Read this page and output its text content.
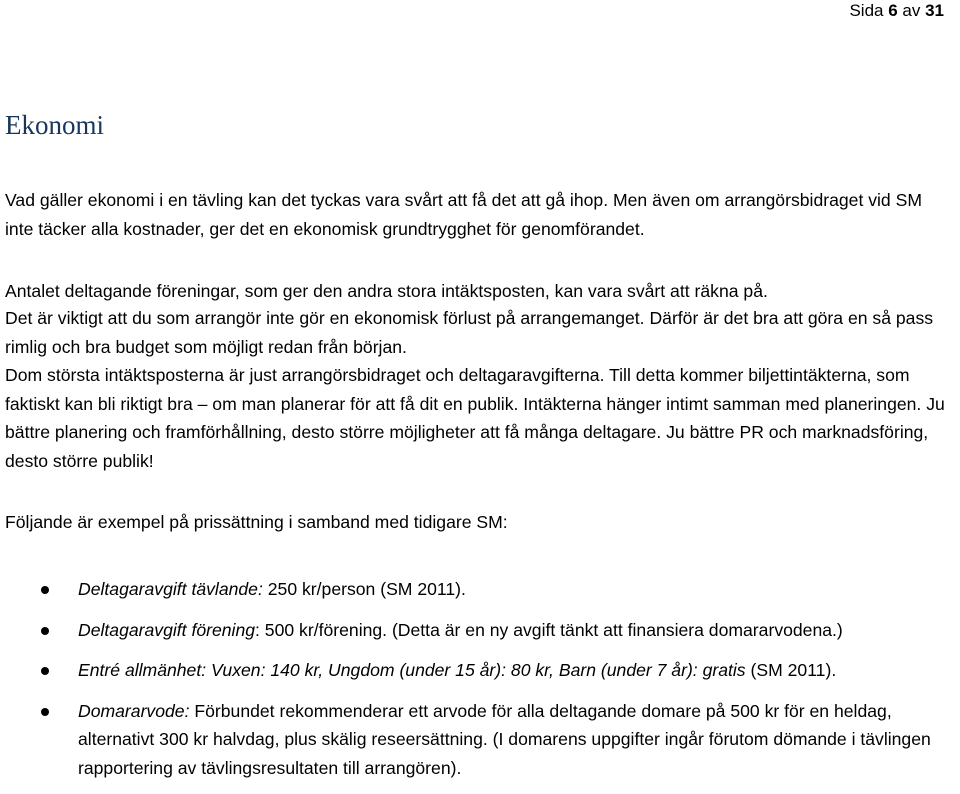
Sida 6 av 31
Ekonomi

Vad gäller ekonomi i en tävling kan det tyckas vara svårt att få det att gå ihop. Men även om arrangörsbidraget vid SM inte täcker alla kostnader, ger det en ekonomisk grundtrygghet för genomförandet.

Antalet deltagande föreningar, som ger den andra stora intäktsposten, kan vara svårt att räkna på.

Det är viktigt att du som arrangör inte gör en ekonomisk förlust på arrangemanget. Därför är det bra att göra en så pass rimlig och bra budget som möjligt redan från början.

Dom största intäktsposterna är just arrangörsbidraget och deltagaravgifterna. Till detta kommer biljettintäkterna, som faktiskt kan bli riktigt bra – om man planerar för att få dit en publik. Intäkterna hänger intimt samman med planeringen. Ju bättre planering och framförhållning, desto större möjligheter att få många deltagare. Ju bättre PR och marknadsföring, desto större publik!

Följande är exempel på prissättning i samband med tidigare SM:

Deltagaravgift tävlande: 250 kr/person (SM 2011).
Deltagaravgift förening: 500 kr/förening. (Detta är en ny avgift tänkt att finansiera domararvodena.)
Entré allmänhet: Vuxen: 140 kr, Ungdom (under 15 år): 80 kr, Barn (under 7 år): gratis (SM 2011).
Domararvode: Förbundet rekommenderar ett arvode för alla deltagande domare på 500 kr för en heldag, alternativt 300 kr halvdag, plus skälig reseersättning. (I domarens uppgifter ingår förutom dömande i tävlingen rapportering av tävlingsresultaten till arrangören).
